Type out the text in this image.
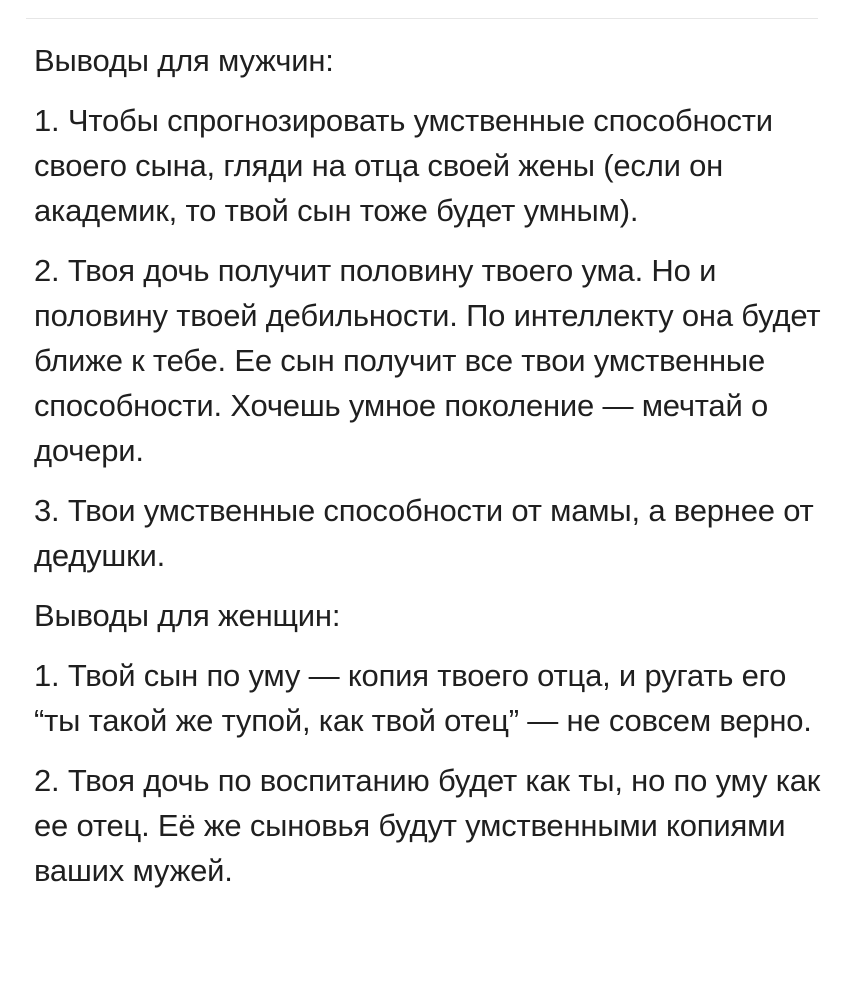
Выводы для мужчин:

1. Чтобы спрогнозировать умственные способности своего сына, гляди на отца своей жены (если он академик, то твой сын тоже будет умным).

2. Твоя дочь получит половину твоего ума. Но и половину твоей дебильности. По интеллекту она будет ближе к тебе. Ее сын получит все твои умственные способности. Хочешь умное поколение — мечтай о дочери.

3. Твои умственные способности от мамы, а вернее от дедушки.

Выводы для женщин:

1. Твой сын по уму — копия твоего отца, и ругать его “ты такой же тупой, как твой отец” — не совсем верно.

2. Твоя дочь по воспитанию будет как ты, но по уму как ее отец. Её же сыновья будут умственными копиями ваших мужей.
